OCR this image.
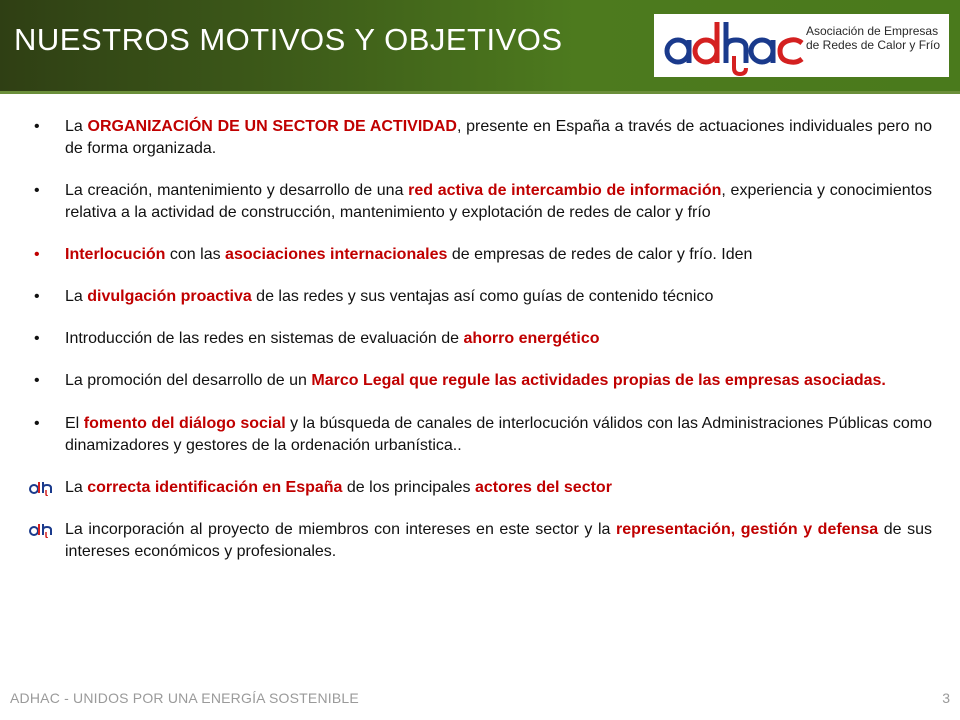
NUESTROS MOTIVOS Y OBJETIVOS	Asociación de Empresas
de Redes de Calor y Frío
•	La ORGANIZACIÓN DE UN SECTOR DE ACTIVIDAD, presente en España a través de actuaciones individuales pero no de forma organizada.
•	La creación, mantenimiento y desarrollo de una red activa de intercambio de información, experiencia y conocimientos relativa a la actividad de construcción, mantenimiento y explotación de redes de calor y frío
•	Interlocución con las asociaciones internacionales de empresas de redes de calor y frío. Iden
•	La divulgación proactiva de las redes y sus ventajas así como guías de contenido técnico
•	Introducción de las redes en sistemas de evaluación de ahorro energético
•	La promoción del desarrollo de un Marco Legal que regule las actividades propias de las empresas asociadas.
•	El fomento del diálogo social y la búsqueda de canales de interlocución válidos con las Administraciones Públicas como dinamizadores y gestores de la ordenación urbanística..
La correcta identificación en España de los principales actores del sector
La incorporación al proyecto de miembros con intereses en este sector y la representación, gestión y defensa de sus intereses económicos y profesionales.
ADHAC - UNIDOS POR UNA ENERGÍA SOSTENIBLE	3
